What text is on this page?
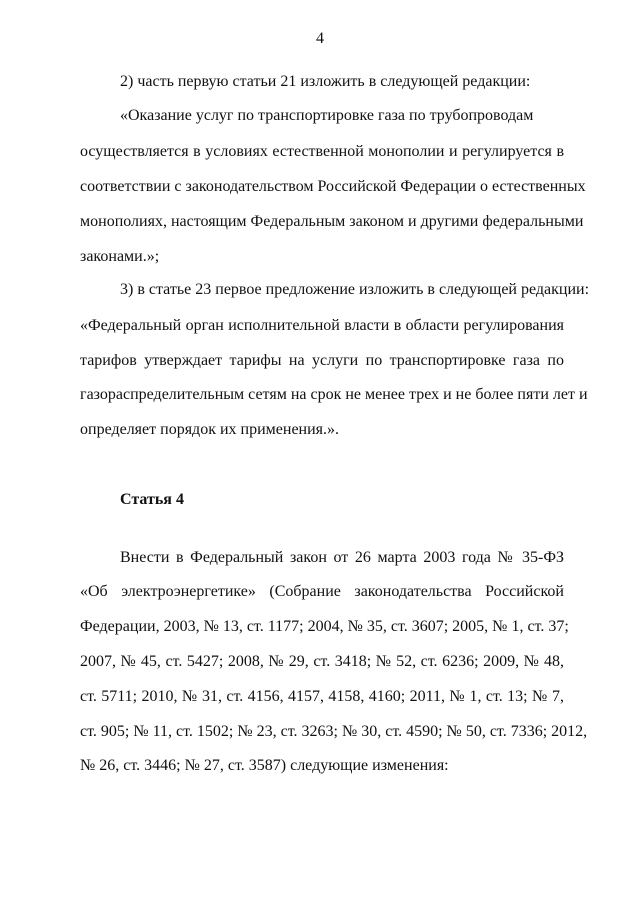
4
2) часть первую статьи 21 изложить в следующей редакции:
«Оказание услуг по транспортировке газа по трубопроводам
осуществляется в условиях естественной монополии и регулируется в
соответствии с законодательством Российской Федерации о естественных
монополиях, настоящим Федеральным законом и другими федеральными
законами.»;
3) в статье 23 первое предложение изложить в следующей редакции:
«Федеральный орган исполнительной власти в области регулирования
тарифов утверждает тарифы на услуги по транспортировке газа по
газораспределительным сетям на срок не менее трех и не более пяти лет и
определяет порядок их применения.».
Статья 4
Внести в Федеральный закон от 26 марта 2003 года № 35-ФЗ
«Об электроэнергетике» (Собрание законодательства Российской
Федерации, 2003, № 13, ст. 1177; 2004, № 35, ст. 3607; 2005, № 1, ст. 37;
2007, № 45, ст. 5427; 2008, № 29, ст. 3418; № 52, ст. 6236; 2009, № 48,
ст. 5711; 2010, № 31, ст. 4156, 4157, 4158, 4160; 2011, № 1, ст. 13; № 7,
ст. 905; № 11, ст. 1502; № 23, ст. 3263; № 30, ст. 4590; № 50, ст. 7336; 2012,
№ 26, ст. 3446; № 27, ст. 3587) следующие изменения:
